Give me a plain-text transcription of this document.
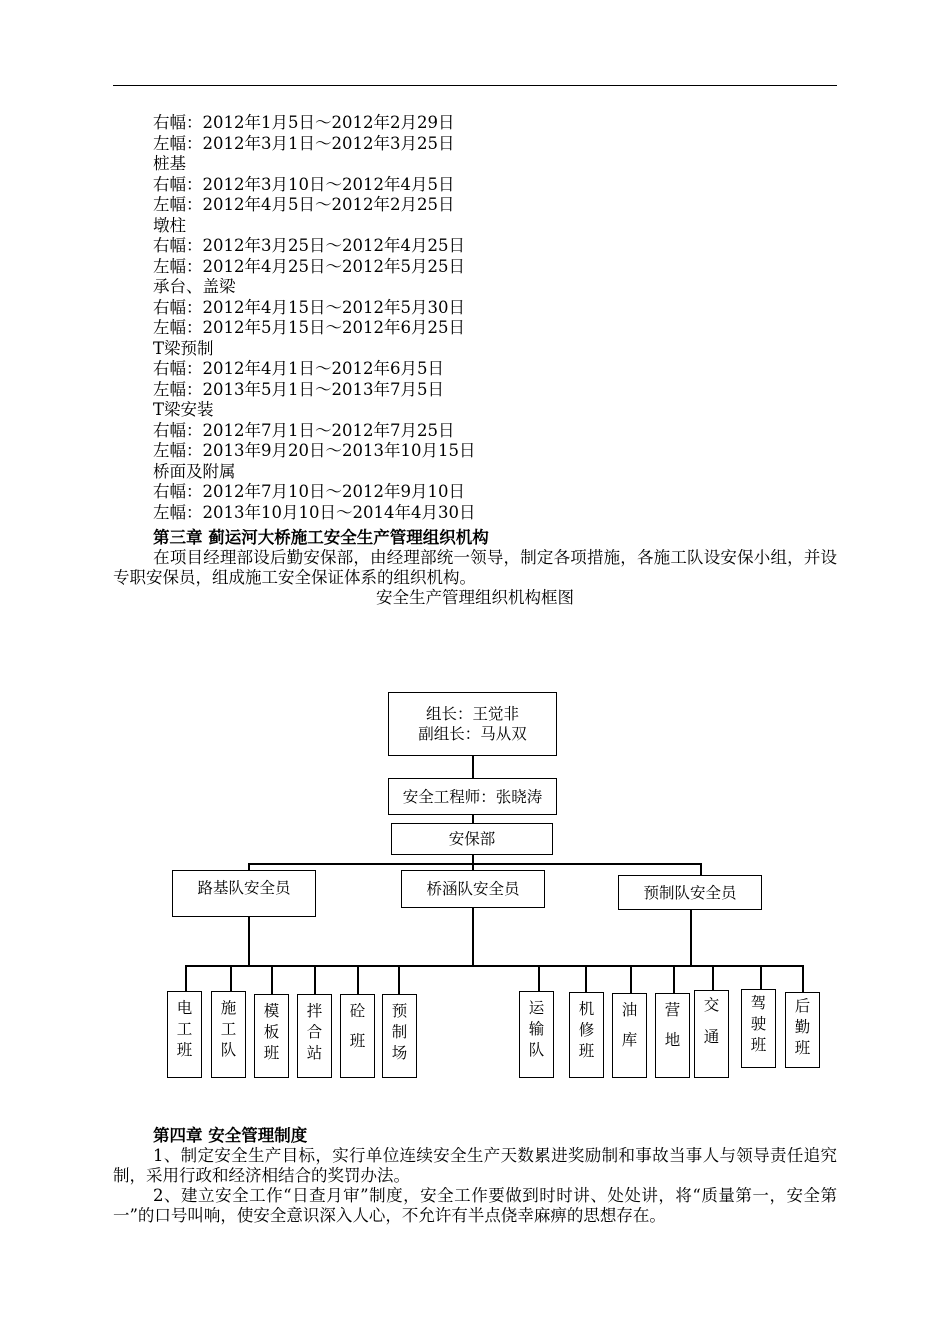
右幅：2012年1月5日～2012年2月29日
左幅：2012年3月1日～2012年3月25日
桩基
右幅：2012年3月10日～2012年4月5日
左幅：2012年4月5日～2012年2月25日
墩柱
右幅：2012年3月25日～2012年4月25日
左幅：2012年4月25日～2012年5月25日
承台、盖梁
右幅：2012年4月15日～2012年5月30日
左幅：2012年5月15日～2012年6月25日
T梁预制
右幅：2012年4月1日～2012年6月5日
左幅：2013年5月1日～2013年7月5日
T梁安装
右幅：2012年7月1日～2012年7月25日
左幅：2013年9月20日～2013年10月15日
桥面及附属
右幅：2012年7月10日～2012年9月10日
左幅：2013年10月10日～2014年4月30日
第三章 蓟运河大桥施工安全生产管理组织机构
在项目经理部设后勤安保部，由经理部统一领导，制定各项措施，各施工队设安保小组，并设专职安保员，组成施工安全保证体系的组织机构。
安全生产管理组织机构框图
组长：王觉非
副组长：马从双
安全工程师：张晓涛
安保部
路基队安全员	桥涵队安全员	预制队安全员
电
工
班
施
工
队
模
板
班
拌
合
站
砼
班
预
制
场
运
输
队
机
修
班
油
库
营
地
交
通
驾
驶
班
后
勤
班
第四章 安全管理制度
1、制定安全生产目标，实行单位连续安全生产天数累进奖励制和事故当事人与领导责任追究制，采用行政和经济相结合的奖罚办法。
2、建立安全工作“日查月审”制度，安全工作要做到时时讲、处处讲，将“质量第一，安全第一”的口号叫响，使安全意识深入人心，不允许有半点侥幸麻痹的思想存在。
